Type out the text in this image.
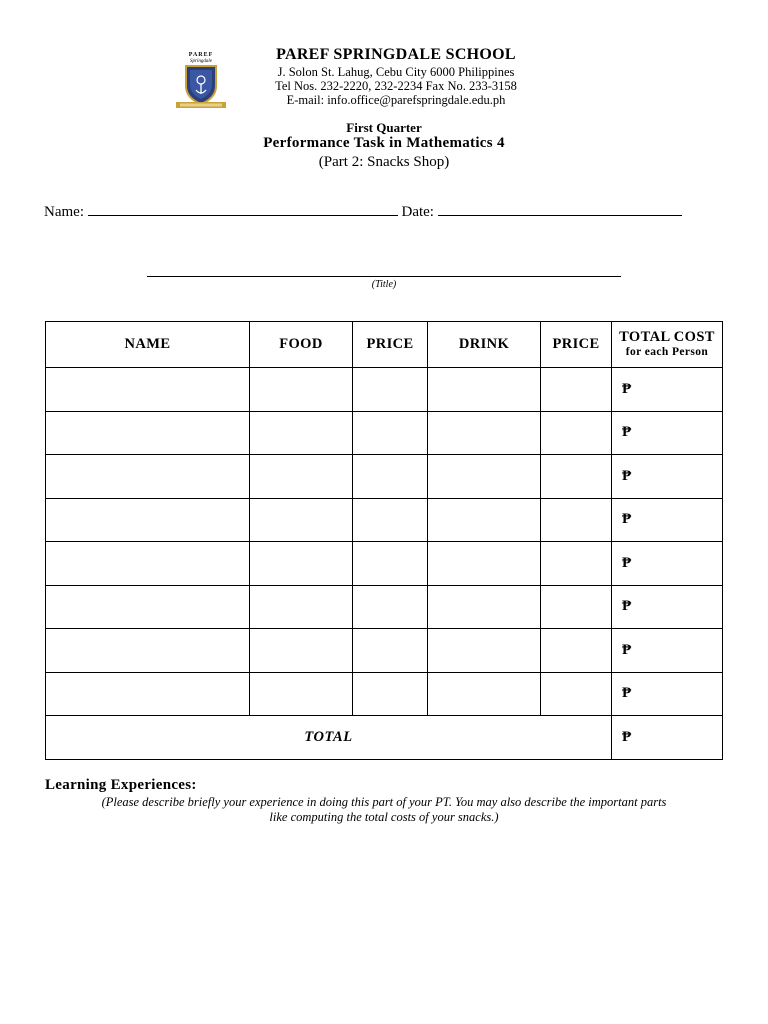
PAREF
Springdale	PAREF SPRINGDALE SCHOOL
J. Solon St. Lahug, Cebu City 6000 Philippines
Tel Nos. 232-2220, 232-2234 Fax No. 233-3158
E-mail: info.office@parefspringdale.edu.ph
First Quarter
Performance Task in Mathematics 4
(Part 2: Snacks Shop)
Name:	Date:
(Title)
NAME	FOOD	PRICE	DRINK	PRICE	TOTAL COST
for each Person
					₱
					₱
					₱
					₱
					₱
					₱
					₱
					₱
TOTAL					₱
Learning Experiences:
(Please describe briefly your experience in doing this part of your PT. You may also describe the important parts
like computing the total costs of your snacks.)
